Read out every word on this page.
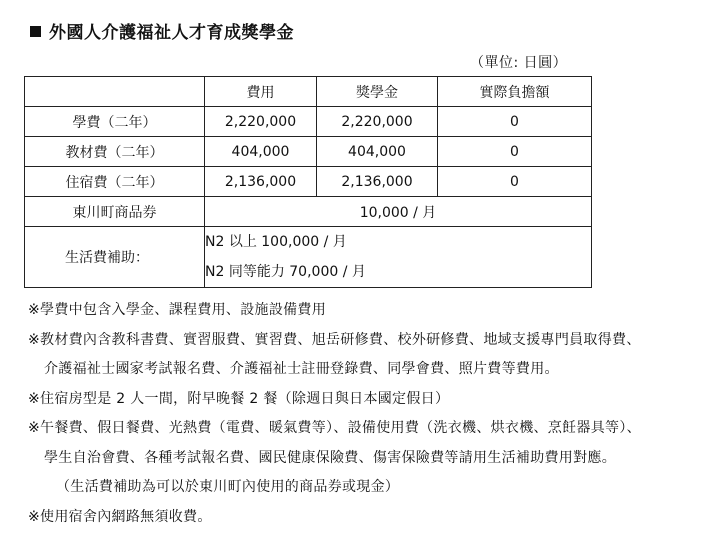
外國人介護福祉人才育成獎學金
（單位: 日圓）
	費用	獎學金	實際負擔額
學費（二年）	2,220,000	2,220,000	0
教材費（二年）	404,000	404,000	0
住宿費（二年）	2,136,000	2,136,000	0
東川町商品券	10,000 / 月		
生活費補助：	N2 以上 100,000 / 月
N2 同等能力 70,000 / 月		
※學費中包含入學金、課程費用、設施設備費用
※教材費內含教科書費、實習服費、實習費、旭岳研修費、校外研修費、地域支援專門員取得費、
介護福祉士國家考試報名費、介護福祉士註冊登錄費、同學會費、照片費等費用。
※住宿房型是 2 人一間，附早晚餐 2 餐（除週日與日本國定假日）
※午餐費、假日餐費、光熱費（電費、暖氣費等）、設備使用費（洗衣機、烘衣機、烹飪器具等）、
學生自治會費、各種考試報名費、國民健康保險費、傷害保險費等請用生活補助費用對應。
（生活費補助為可以於東川町內使用的商品券或現金）
※使用宿舍內網路無須收費。
